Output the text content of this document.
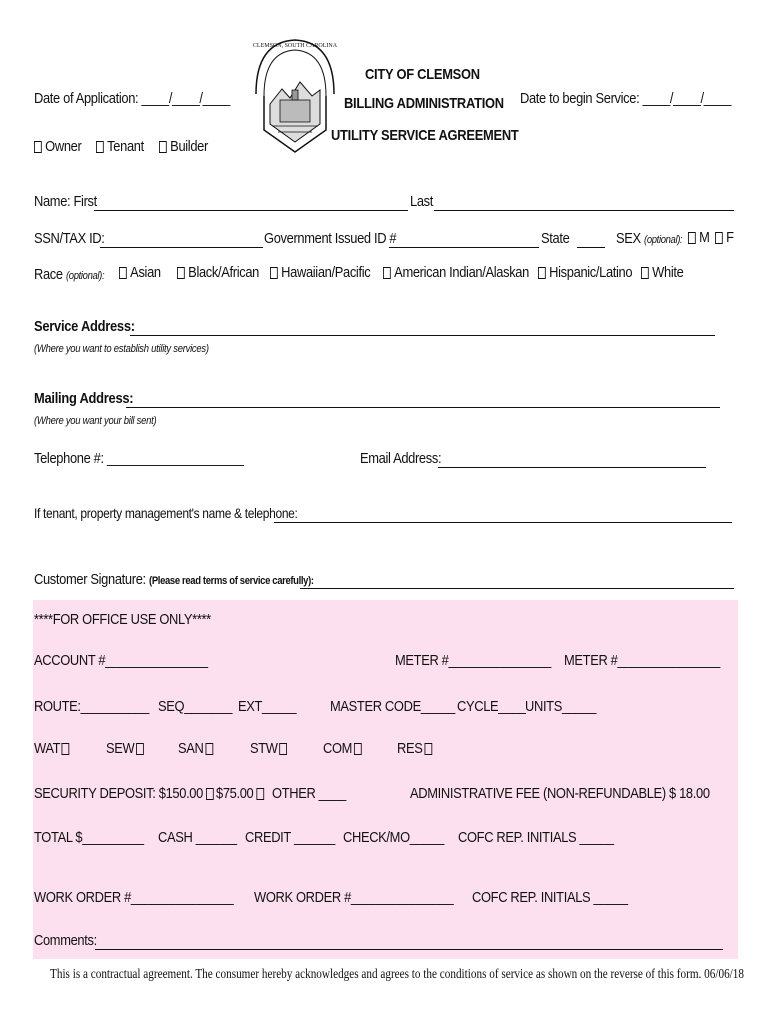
CLEMSON, SOUTH CAROLINA
CITY OF CLEMSON
BILLING ADMINISTRATION
UTILITY SERVICE AGREEMENT
Date of Application: ____/____/____	Date to begin Service: ____/____/____
Owner	Tenant	Builder
Name: First	Last
SSN/TAX ID:	Government Issued ID #	State	SEX (optional):	M	F
Race (optional):	Asian	Black/African	Hawaiian/Pacific	American Indian/Alaskan	Hispanic/Latino	White
Service Address:
(Where you want to establish utility services)
Mailing Address:
(Where you want your bill sent)
Telephone #: ____________________	Email Address:
If tenant, property management's name & telephone:
Customer Signature: (Please read terms of service carefully):
****FOR OFFICE USE ONLY****
ACCOUNT #_______________	METER #_______________ METER #_______________
ROUTE:__________ SEQ_______ EXT_____ MASTER CODE_____ CYCLE____ UNITS_____
WAT	SEW	SAN	STW	COM	RES
SECURITY DEPOSIT: $150.00 $75.00	OTHER ____	ADMINISTRATIVE FEE (NON-REFUNDABLE) $ 18.00
TOTAL $_________ CASH ______ CREDIT ______ CHECK/MO_____ COFC REP. INITIALS _____
WORK ORDER #_______________ WORK ORDER #_______________ COFC REP. INITIALS _____
Comments:
This is a contractual agreement. The consumer hereby acknowledges and agrees to the conditions of service as shown on the reverse of this form. 06/06/18
